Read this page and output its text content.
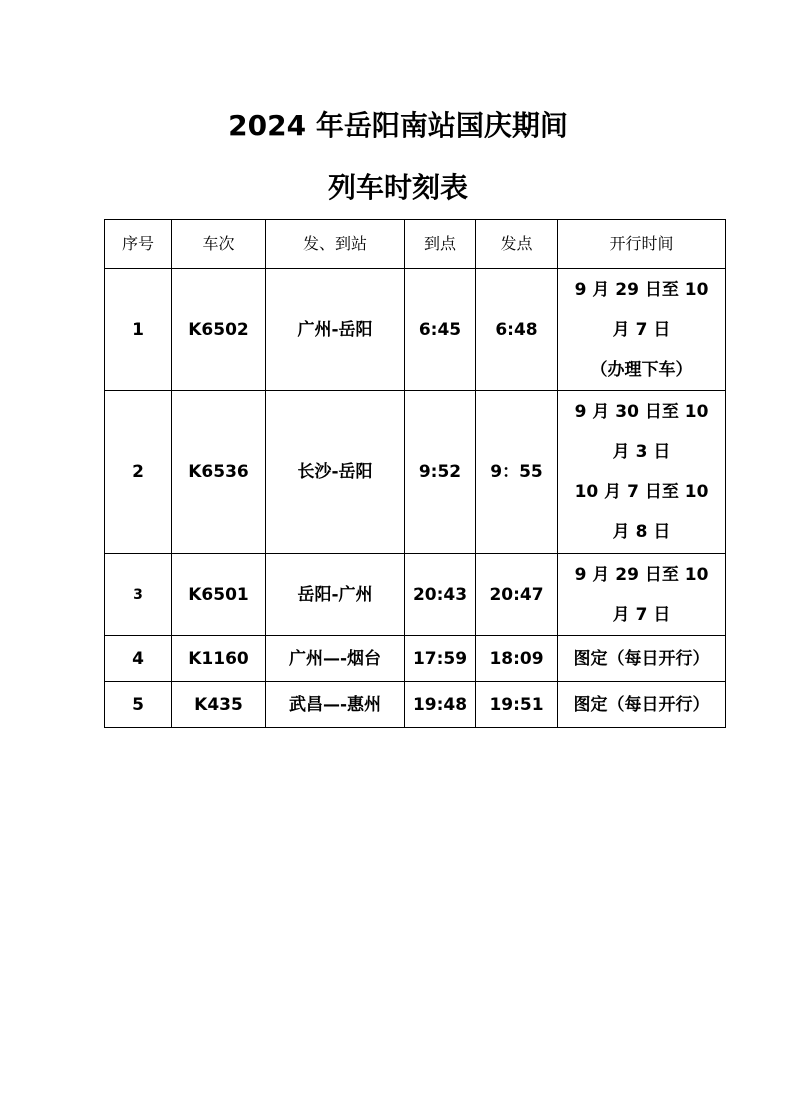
2024 年岳阳南站国庆期间
列车时刻表
序号	车次	发、到站	到点	发点	开行时间
1	K6502	广州-岳阳	6:45	6:48	9 月 29 日至 10
月 7 日
（办理下车）

2	K6536	长沙-岳阳	9:52	9：55	9 月 30 日至 10
月 3 日
10 月 7 日至 10
月 8 日

3	K6501	岳阳-广州	20:43	20:47	9 月 29 日至 10
月 7 日

4	K1160	广州—-烟台	17:59	18:09	图定（每日开行）

5	K435	武昌—-惠州	19:48	19:51	图定（每日开行）
